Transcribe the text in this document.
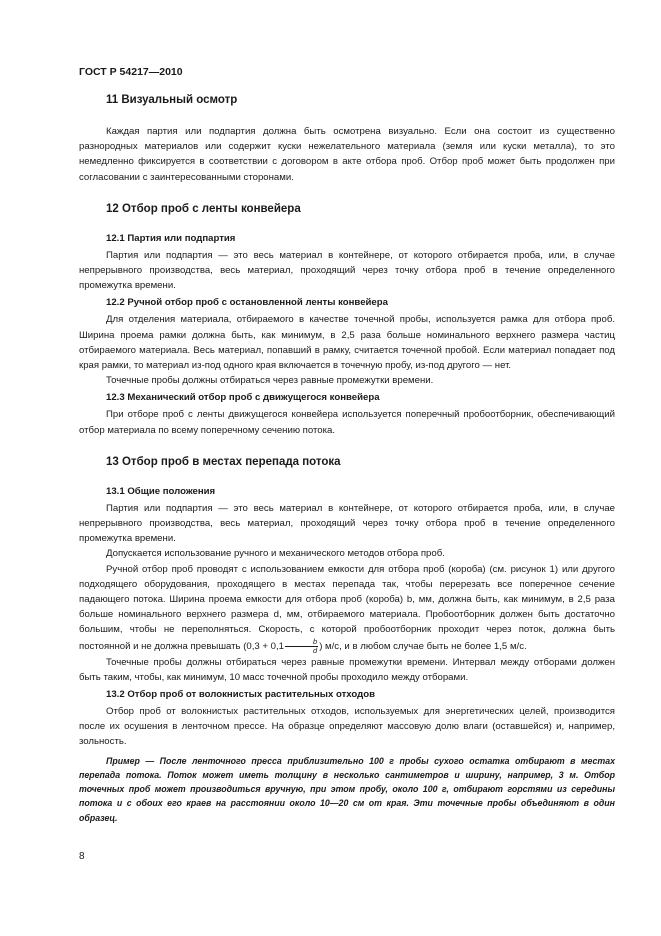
ГОСТ Р 54217—2010
11 Визуальный осмотр

Каждая партия или подпартия должна быть осмотрена визуально. Если она состоит из существенно разнородных материалов или содержит куски нежелательного материала (земля или куски металла), то это немедленно фиксируется в соответствии с договором в акте отбора проб. Отбор проб может быть продолжен при согласовании с заинтересованными сторонами.

12 Отбор проб с ленты конвейера
12.1 Партия или подпартия

Партия или подпартия — это весь материал в контейнере, от которого отбирается проба, или, в случае непрерывного производства, весь материал, проходящий через точку отбора проб в течение определенного промежутка времени.

12.2 Ручной отбор проб с остановленной ленты конвейера

Для отделения материала, отбираемого в качестве точечной пробы, используется рамка для отбора проб. Ширина проема рамки должна быть, как минимум, в 2,5 раза больше номинального верхнего размера частиц отбираемого материала. Весь материал, попавший в рамку, считается точечной пробой. Если материал попадает под края рамки, то материал из-под одного края включается в точечную пробу, из-под другого — нет.

Точечные пробы должны отбираться через равные промежутки времени.

12.3 Механический отбор проб с движущегося конвейера

При отборе проб с ленты движущегося конвейера используется поперечный пробоотборник, обеспечивающий отбор материала по всему поперечному сечению потока.

13 Отбор проб в местах перепада потока
13.1 Общие положения

Партия или подпартия — это весь материал в контейнере, от которого отбирается проба, или, в случае непрерывного производства, весь материал, проходящий через точку отбора проб в течение определенного промежутка времени.

Допускается использование ручного и механического методов отбора проб.

Ручной отбор проб проводят с использованием емкости для отбора проб (короба) (см. рисунок 1) или другого подходящего оборудования, проходящего в местах перепада так, чтобы перерезать все поперечное сечение падающего потока. Ширина проема емкости для отбора проб (короба) b, мм, должна быть, как минимум, в 2,5 раза больше номинального верхнего размера d, мм, отбираемого материала. Пробоотборник должен быть достаточно большим, чтобы не переполняться. Скорость, с которой пробоотборник проходит через поток, должна быть постоянной и не должна превышать ($0,3 + 0,1 \frac{b}{d}$ ) м/с, и в любом случае быть не более 1,5 м/с.

Точечные пробы должны отбираться через равные промежутки времени. Интервал между отборами должен быть таким, чтобы, как минимум, 10 масс точечной пробы проходило между отборами.

13.2 Отбор проб от волокнистых растительных отходов

Отбор проб от волокнистых растительных отходов, используемых для энергетических целей, производится после их осушения в ленточном прессе. На образце определяют массовую долю влаги (оставшейся) и, например, зольность.

Пример — После ленточного пресса приблизительно 100 г пробы сухого остатка отбирают в местах перепада потока. Поток может иметь толщину в несколько сантиметров и ширину, например, 3 м. Отбор точечных проб может производиться вручную, при этом пробу, около 100 г, отбирают горстями из середины потока и с обоих его краев на расстоянии около 10—20 см от края. Эти точечные пробы объединяют в один образец.

8
